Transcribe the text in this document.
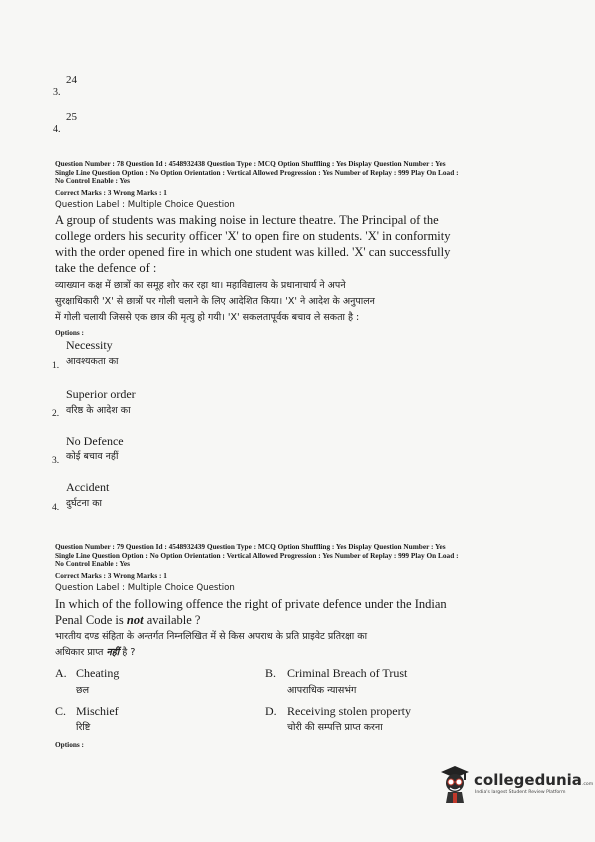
3.
24
4.
25
Question Number : 78 Question Id : 4548932438 Question Type : MCQ Option Shuffling : Yes Display Question Number : Yes
Single Line Question Option : No Option Orientation : Vertical Allowed Progression : Yes Number of Replay : 999 Play On Load :
No Control Enable : Yes
Correct Marks : 3 Wrong Marks : 1
Question Label : Multiple Choice Question
A group of students was making noise in lecture theatre. The Principal of the
college orders his security officer 'X' to open fire on students. 'X' in conformity
with the order opened fire in which one student was killed. 'X' can successfully
take the defence of :
व्याख्यान कक्ष में छात्रों का समूह शोर कर रहा था। महाविद्यालय के प्रधानाचार्य ने अपने
सुरक्षाधिकारी 'X' से छात्रों पर गोली चलाने के लिए आदेशित किया। 'X' ने आदेश के अनुपालन
में गोली चलायी जिससे एक छात्र की मृत्यु हो गयी। 'X' सकलतापूर्वक बचाव ले सकता है :
Options :
Necessity
1. आवश्यकता का
Superior order
2. वरिष्ठ के आदेश का
No Defence
3. कोई बचाव नहीं
Accident
4. दुर्घटना का
Question Number : 79 Question Id : 4548932439 Question Type : MCQ Option Shuffling : Yes Display Question Number : Yes
Single Line Question Option : No Option Orientation : Vertical Allowed Progression : Yes Number of Replay : 999 Play On Load :
No Control Enable : Yes
Correct Marks : 3 Wrong Marks : 1
Question Label : Multiple Choice Question
In which of the following offence the right of private defence under the Indian
Penal Code is not available ?
भारतीय दण्ड संहिता के अन्तर्गत निम्नलिखित में से किस अपराध के प्रति प्राइवेट प्रतिरक्षा का
अधिकार प्राप्त नहीं है ?
A. Cheating
छल
B. Criminal Breach of Trust
आपराधिक न्यासभंग
C. Mischief
रिष्टि
D. Receiving stolen property
चोरी की सम्पत्ति प्राप्त करना
Options :
collegedunia.com
India's largest Student Review Platform
